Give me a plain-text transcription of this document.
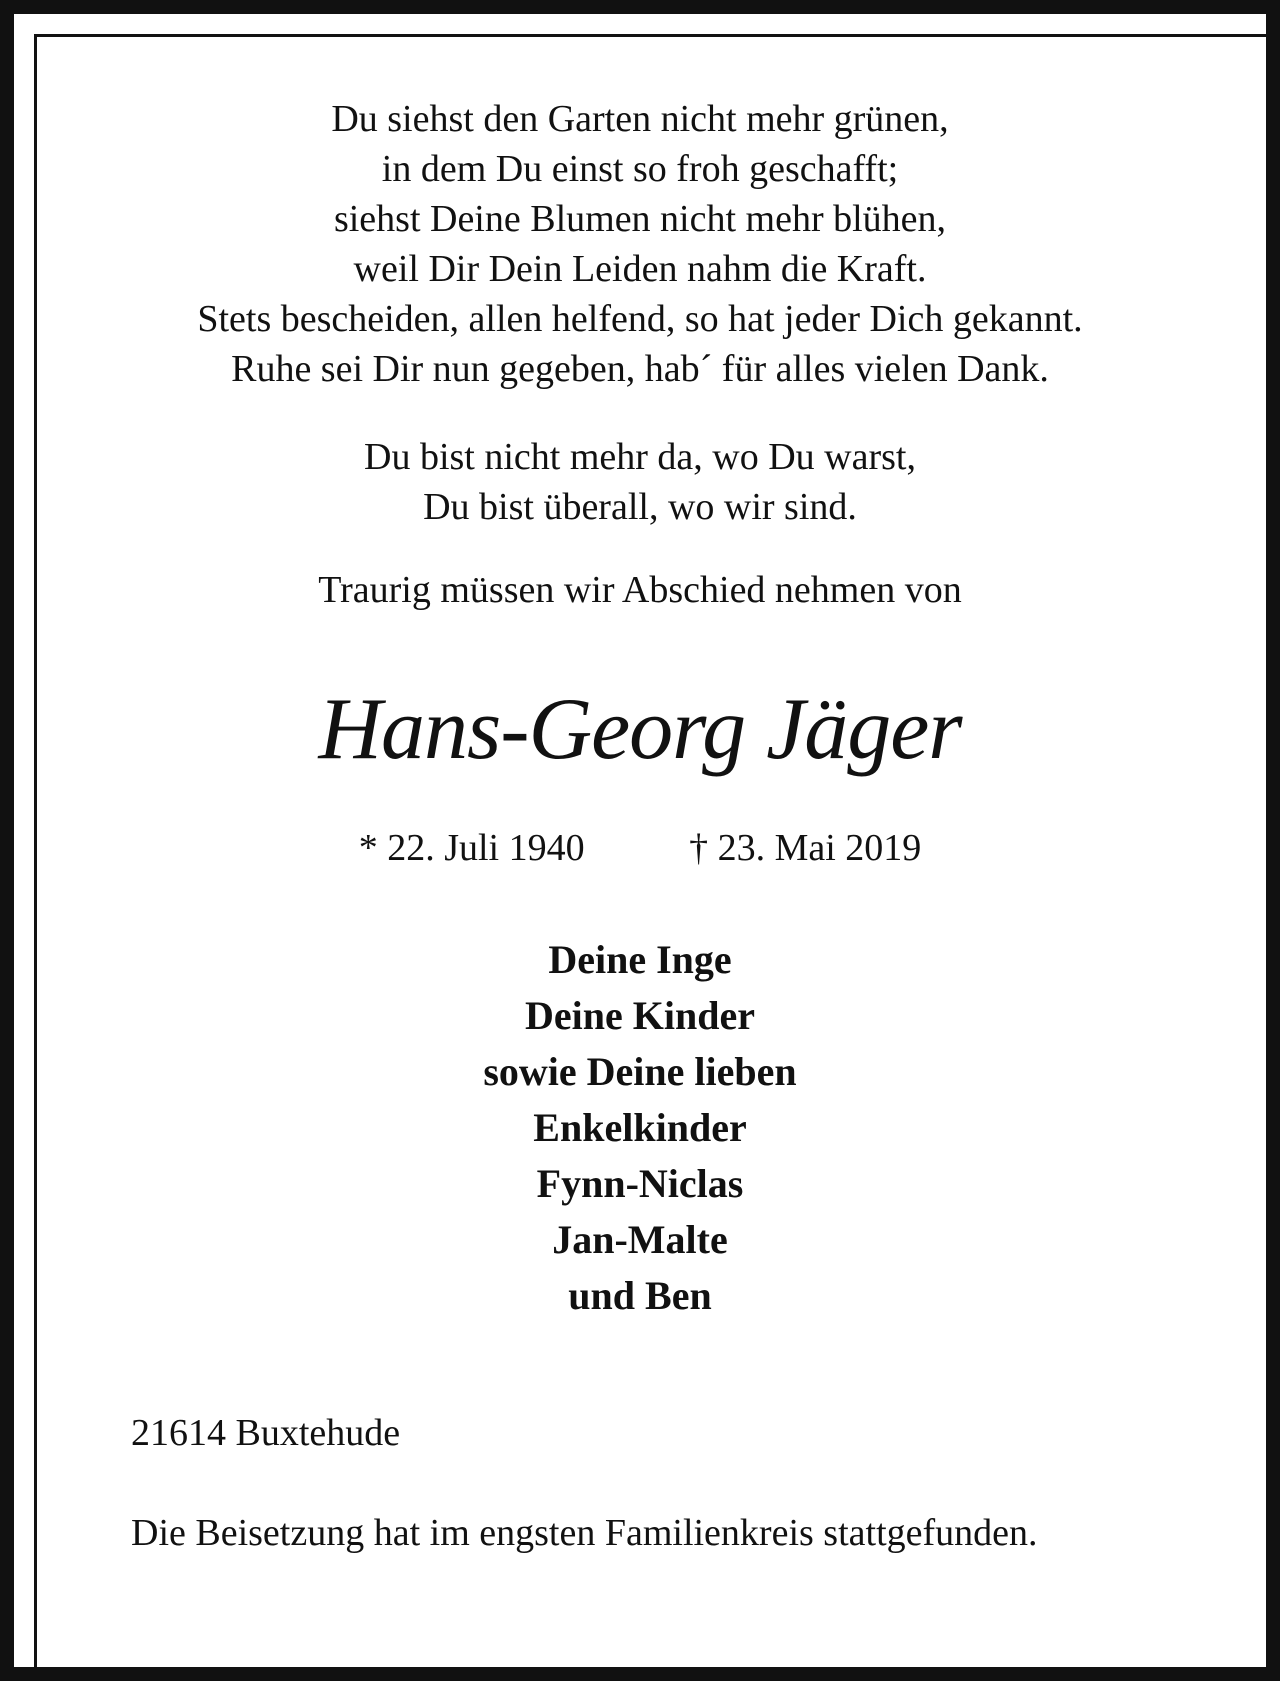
Du siehst den Garten nicht mehr grünen,
in dem Du einst so froh geschafft;
siehst Deine Blumen nicht mehr blühen,
weil Dir Dein Leiden nahm die Kraft.
Stets bescheiden, allen helfend, so hat jeder Dich gekannt.
Ruhe sei Dir nun gegeben, hab´ für alles vielen Dank.
Du bist nicht mehr da, wo Du warst,
Du bist überall, wo wir sind.
Traurig müssen wir Abschied nehmen von
Hans-Georg Jäger
* 22. Juli 1940	† 23. Mai 2019
Deine Inge
Deine Kinder
sowie Deine lieben
Enkelkinder
Fynn-Niclas
Jan-Malte
und Ben
21614 Buxtehude
Die Beisetzung hat im engsten Familienkreis stattgefunden.
